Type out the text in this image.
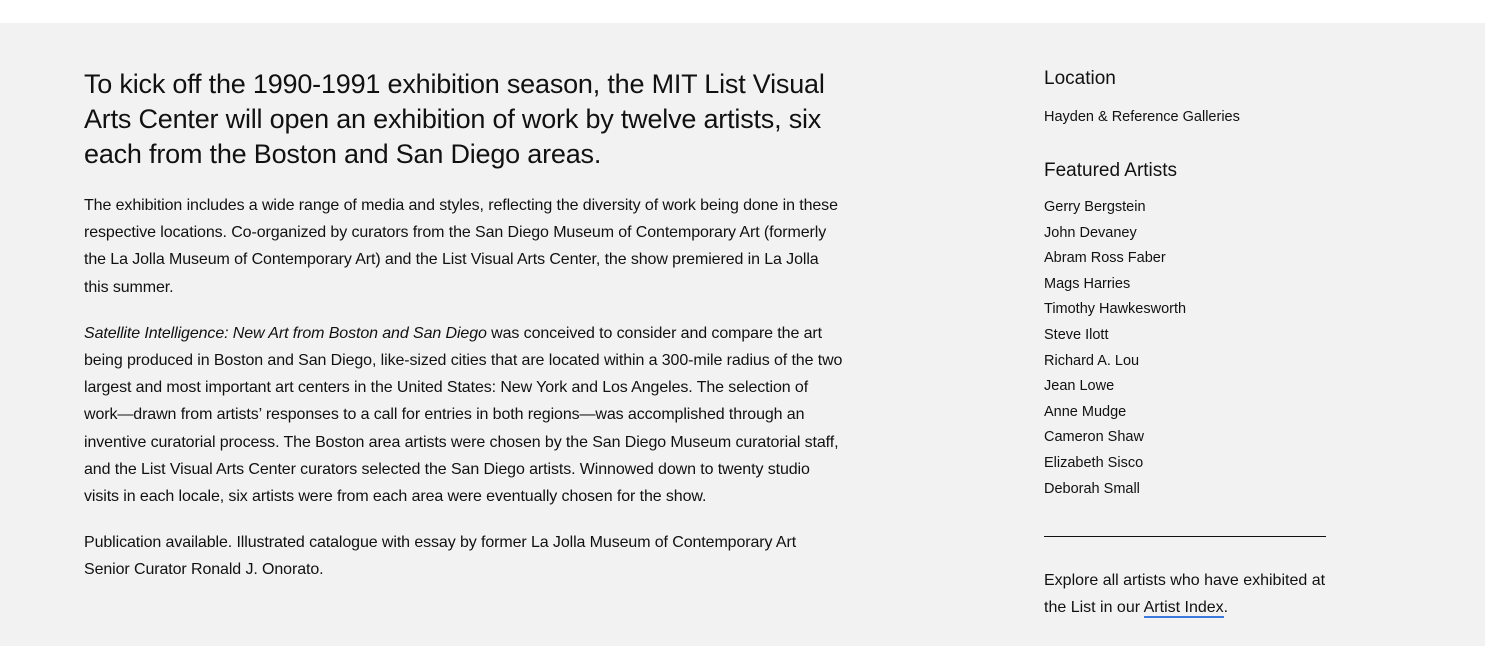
To kick off the 1990-1991 exhibition season, the MIT List Visual Arts Center will open an exhibition of work by twelve artists, six each from the Boston and San Diego areas.

The exhibition includes a wide range of media and styles, reflecting the diversity of work being done in these respective locations. Co-organized by curators from the San Diego Museum of Contemporary Art (formerly the La Jolla Museum of Contemporary Art) and the List Visual Arts Center, the show premiered in La Jolla this summer.

Satellite Intelligence: New Art from Boston and San Diego was conceived to consider and compare the art being produced in Boston and San Diego, like-sized cities that are located within a 300-mile radius of the two largest and most important art centers in the United States: New York and Los Angeles. The selection of work—drawn from artists’ responses to a call for entries in both regions—was accomplished through an inventive curatorial process. The Boston area artists were chosen by the San Diego Museum curatorial staff, and the List Visual Arts Center curators selected the San Diego artists. Winnowed down to twenty studio visits in each locale, six artists were from each area were eventually chosen for the show.

Publication available. Illustrated catalogue with essay by former La Jolla Museum of Contemporary Art Senior Curator Ronald J. Onorato.

Location
Hayden & Reference Galleries
Featured Artists
Gerry Bergstein
John Devaney
Abram Ross Faber
Mags Harries
Timothy Hawkesworth
Steve Ilott
Richard A. Lou
Jean Lowe
Anne Mudge
Cameron Shaw
Elizabeth Sisco
Deborah Small

Explore all artists who have exhibited at the List in our Artist Index.
